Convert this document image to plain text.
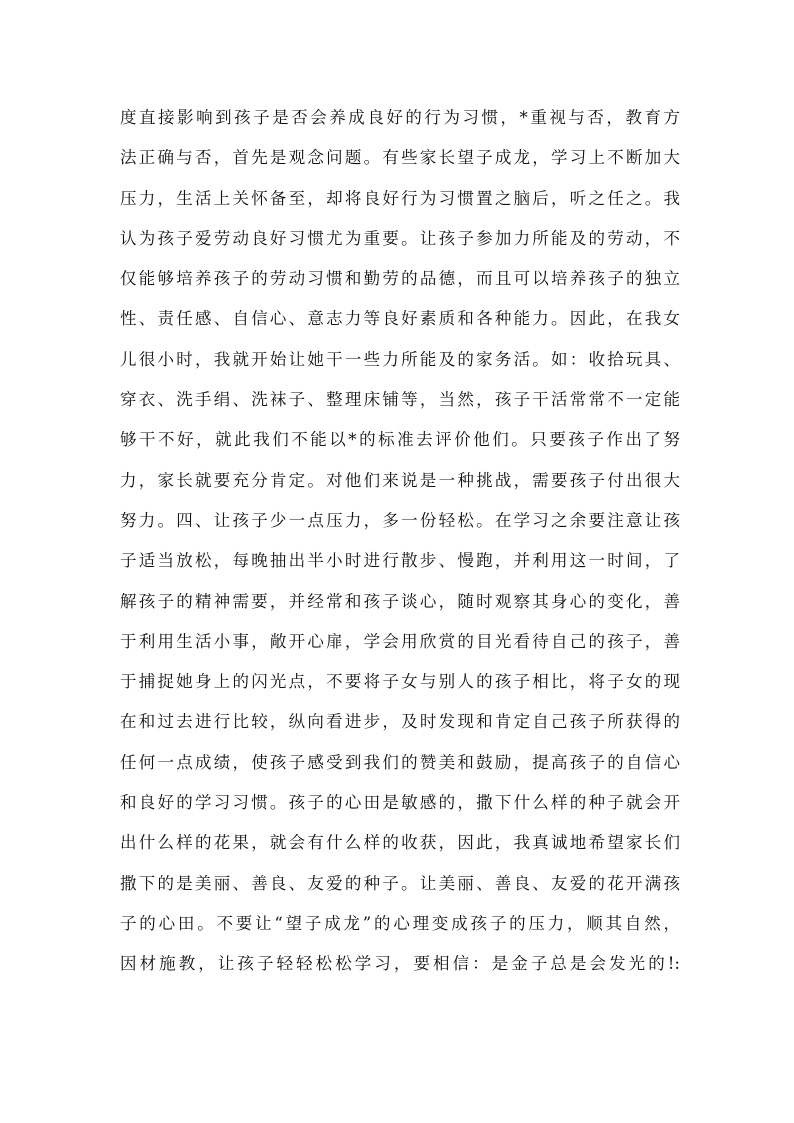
度直接影响到孩子是否会养成良好的行为习惯，*重视与否，教育方
法正确与否，首先是观念问题。有些家长望子成龙，学习上不断加大
压力，生活上关怀备至，却将良好行为习惯置之脑后，听之任之。我
认为孩子爱劳动良好习惯尤为重要。让孩子参加力所能及的劳动，不
仅能够培养孩子的劳动习惯和勤劳的品德，而且可以培养孩子的独立
性、责任感、自信心、意志力等良好素质和各种能力。因此，在我女
儿很小时，我就开始让她干一些力所能及的家务活。如：收拾玩具、
穿衣、洗手绢、洗袜子、整理床铺等，当然，孩子干活常常不一定能
够干不好，就此我们不能以*的标准去评价他们。只要孩子作出了努
力，家长就要充分肯定。对他们来说是一种挑战，需要孩子付出很大
努力。四、让孩子少一点压力，多一份轻松。在学习之余要注意让孩
子适当放松，每晚抽出半小时进行散步、慢跑，并利用这一时间，了
解孩子的精神需要，并经常和孩子谈心，随时观察其身心的变化，善
于利用生活小事，敞开心扉，学会用欣赏的目光看待自己的孩子，善
于捕捉她身上的闪光点，不要将子女与别人的孩子相比，将子女的现
在和过去进行比较，纵向看进步，及时发现和肯定自己孩子所获得的
任何一点成绩，使孩子感受到我们的赞美和鼓励，提高孩子的自信心
和良好的学习习惯。孩子的心田是敏感的，撒下什么样的种子就会开
出什么样的花果，就会有什么样的收获，因此，我真诚地希望家长们
撒下的是美丽、善良、友爱的种子。让美丽、善良、友爱的花开满孩
子的心田。不要让“望子成龙”的心理变成孩子的压力，顺其自然，
因材施教，让孩子轻轻松松学习，要相信：是金子总是会发光的!:
